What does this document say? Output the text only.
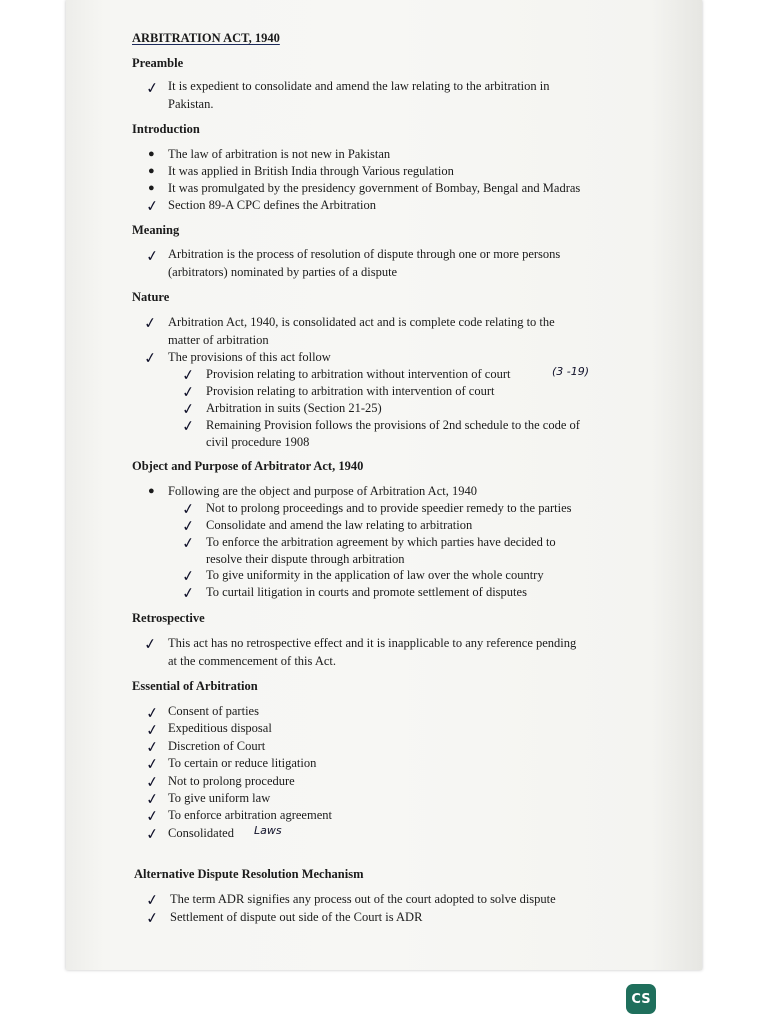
ARBITRATION ACT, 1940
Preamble
✓ It is expedient to consolidate and amend the law relating to the arbitration in
Pakistan.
Introduction
● The law of arbitration is not new in Pakistan
● It was applied in British India through Various regulation
● It was promulgated by the presidency government of Bombay, Bengal and Madras
✓ Section 89-A CPC defines the Arbitration
Meaning
✓ Arbitration is the process of resolution of dispute through one or more persons
(arbitrators) nominated by parties of a dispute
Nature
✓ Arbitration Act, 1940, is consolidated act and is complete code relating to the
matter of arbitration
✓ The provisions of this act follow
✓ Provision relating to arbitration without intervention of court	(3 -19)
✓ Provision relating to arbitration with intervention of court
✓ Arbitration in suits (Section 21-25)
✓ Remaining Provision follows the provisions of 2nd schedule to the code of
civil procedure 1908
Object and Purpose of Arbitrator Act, 1940
● Following are the object and purpose of Arbitration Act, 1940
✓ Not to prolong proceedings and to provide speedier remedy to the parties
✓ Consolidate and amend the law relating to arbitration
✓ To enforce the arbitration agreement by which parties have decided to
resolve their dispute through arbitration
✓ To give uniformity in the application of law over the whole country
✓ To curtail litigation in courts and promote settlement of disputes
Retrospective
✓ This act has no retrospective effect and it is inapplicable to any reference pending
at the commencement of this Act.
Essential of Arbitration
✓ Consent of parties
✓ Expeditious disposal
✓ Discretion of Court
✓ To certain or reduce litigation
✓ Not to prolong procedure
✓ To give uniform law
✓ To enforce arbitration agreement
✓ Consolidated Laws
Alternative Dispute Resolution Mechanism
✓ The term ADR signifies any process out of the court adopted to solve dispute
✓ Settlement of dispute out side of the Court is ADR
CS
